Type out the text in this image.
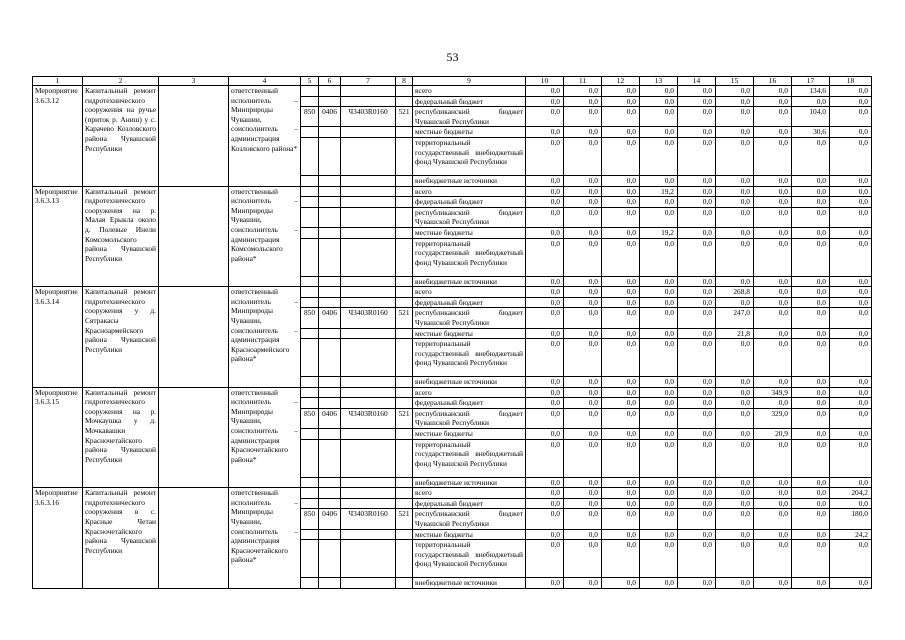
53
1	2	3	4	5	6	7	8	9	10	11	12	13	14	15	16	17	18
Мероприятие 3.6.3.12	Капитальный ремонт гидротехнического сооружения на ручье (приток р. Аниш) у с. Карачево Козловского района Чувашской Республики		ответственный исполнитель – Минприроды Чувашии, соисполнитель – администрация Козловского района*					всего	0,0	0,0	0,0	0,0	0,0	0,0	0,0	134,6	0,0
								федеральный бюджет	0,0	0,0	0,0	0,0	0,0	0,0	0,0	0,0	0,0
				850	0406	Ч3403R0160	521	республиканский бюджет Чувашской Республики	0,0	0,0	0,0	0,0	0,0	0,0	0,0	104,0	0,0
								местные бюджеты	0,0	0,0	0,0	0,0	0,0	0,0	0,0	30,6	0,0
								территориальный государственный внебюджетный фонд Чувашской Республики	0,0	0,0	0,0	0,0	0,0	0,0	0,0	0,0	0,0
								внебюджетные источники	0,0	0,0	0,0	0,0	0,0	0,0	0,0	0,0	0,0
Мероприятие 3.6.3.13	Капитальный ремонт гидротехнического сооружения на р. Малая Ерыкла около д. Полевые Инели Комсомольского района Чувашской Республики		ответственный исполнитель – Минприроды Чувашии, соисполнитель – администрация Комсомольского района*					всего	0,0	0,0	0,0	19,2	0,0	0,0	0,0	0,0	0,0
								федеральный бюджет	0,0	0,0	0,0	0,0	0,0	0,0	0,0	0,0	0,0
								республиканский бюджет Чувашской Республики	0,0	0,0	0,0	0,0	0,0	0,0	0,0	0,0	0,0
								местные бюджеты	0,0	0,0	0,0	19,2	0,0	0,0	0,0	0,0	0,0
								территориальный государственный внебюджетный фонд Чувашской Республики	0,0	0,0	0,0	0,0	0,0	0,0	0,0	0,0	0,0
								внебюджетные источники	0,0	0,0	0,0	0,0	0,0	0,0	0,0	0,0	0,0
Мероприятие 3.6.3.14	Капитальный ремонт гидротехнического сооружения у д. Сятракасы Красноармейского района Чувашской Республики		ответственный исполнитель – Минприроды Чувашии, соисполнитель – администрация Красноармейского района*					всего	0,0	0,0	0,0	0,0	0,0	268,8	0,0	0,0	0,0
								федеральный бюджет	0,0	0,0	0,0	0,0	0,0	0,0	0,0	0,0	0,0
				850	0406	Ч3403R0160	521	республиканский бюджет Чувашской Республики	0,0	0,0	0,0	0,0	0,0	247,0	0,0	0,0	0,0
								местные бюджеты	0,0	0,0	0,0	0,0	0,0	21,8	0,0	0,0	0,0
								территориальный государственный внебюджетный фонд Чувашской Республики	0,0	0,0	0,0	0,0	0,0	0,0	0,0	0,0	0,0
								внебюджетные источники	0,0	0,0	0,0	0,0	0,0	0,0	0,0	0,0	0,0
Мероприятие 3.6.3.15	Капитальный ремонт гидротехнического сооружения на р. Мочкаушка у д. Мочкавашки Красночетайского района Чувашской Республики		ответственный исполнитель – Минприроды Чувашии, соисполнитель – администрация Красночетайского района*					всего	0,0	0,0	0,0	0,0	0,0	0,0	349,9	0,0	0,0
								федеральный бюджет	0,0	0,0	0,0	0,0	0,0	0,0	0,0	0,0	0,0
				850	0406	Ч3403R0160	521	республиканский бюджет Чувашской Республики	0,0	0,0	0,0	0,0	0,0	0,0	329,0	0,0	0,0
								местные бюджеты	0,0	0,0	0,0	0,0	0,0	0,0	20,9	0,0	0,0
								территориальный государственный внебюджетный фонд Чувашской Республики	0,0	0,0	0,0	0,0	0,0	0,0	0,0	0,0	0,0
								внебюджетные источники	0,0	0,0	0,0	0,0	0,0	0,0	0,0	0,0	0,0
Мероприятие 3.6.3.16	Капитальный ремонт гидротехнического сооружения в с. Красные Четаи Красночетайского района Чувашской Республики		ответственный исполнитель – Минприроды Чувашии, соисполнитель – администрация Красночетайского района*					всего	0,0	0,0	0,0	0,0	0,0	0,0	0,0	0,0	204,2
								федеральный бюджет	0,0	0,0	0,0	0,0	0,0	0,0	0,0	0,0	0,0
				850	0406	Ч3403R0160	521	республиканский бюджет Чувашской Республики	0,0	0,0	0,0	0,0	0,0	0,0	0,0	0,0	180,0
								местные бюджеты	0,0	0,0	0,0	0,0	0,0	0,0	0,0	0,0	24,2
								территориальный государственный внебюджетный фонд Чувашской Республики	0,0	0,0	0,0	0,0	0,0	0,0	0,0	0,0	0,0
								внебюджетные источники	0,0	0,0	0,0	0,0	0,0	0,0	0,0	0,0	0,0
